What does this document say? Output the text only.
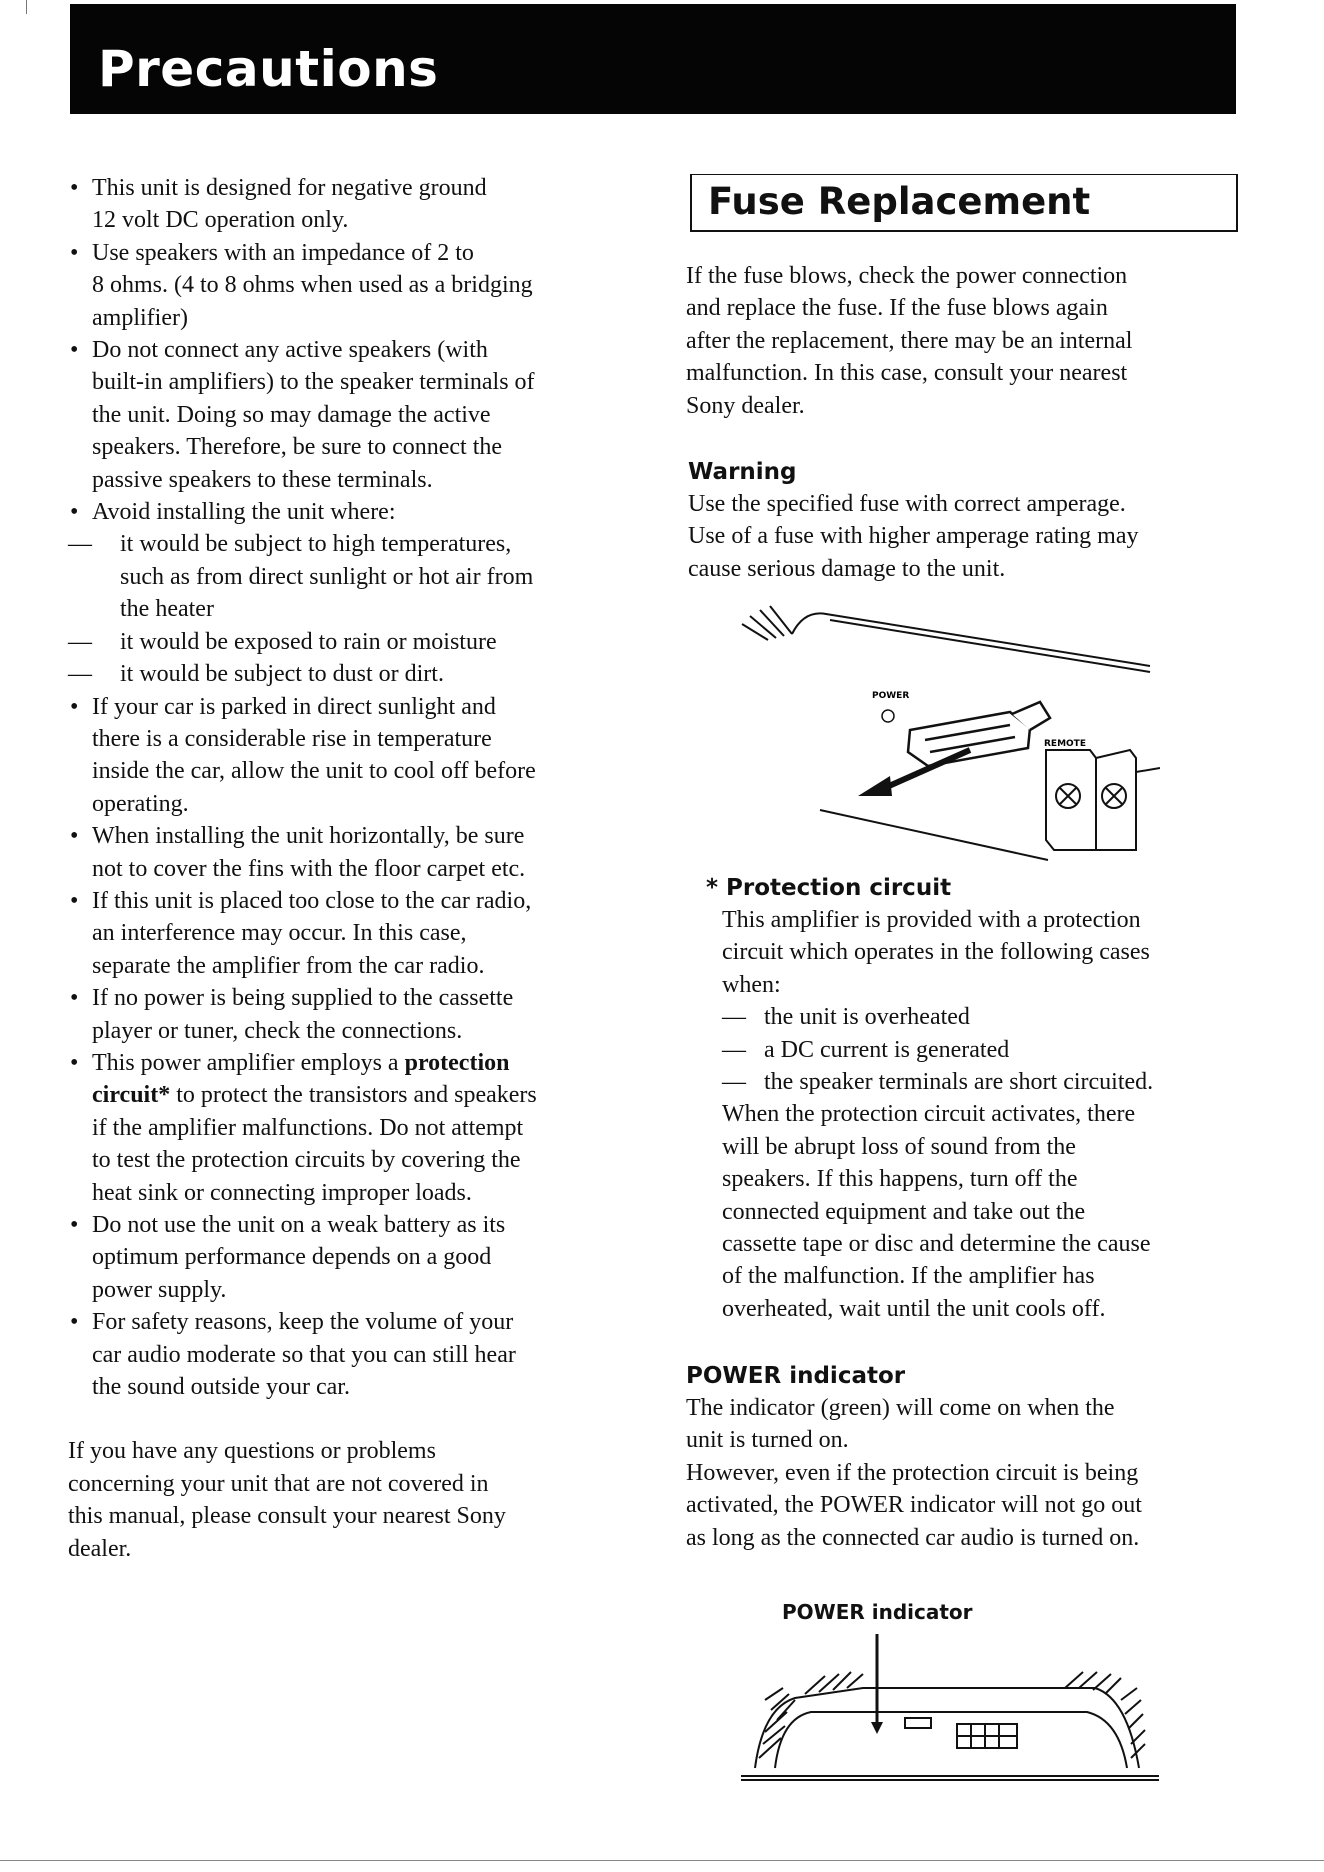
Precautions
• This unit is designed for negative ground
12 volt DC operation only.
• Use speakers with an impedance of 2 to
8 ohms. (4 to 8 ohms when used as a bridging
amplifier)
• Do not connect any active speakers (with
built-in amplifiers) to the speaker terminals of
the unit. Doing so may damage the active
speakers. Therefore, be sure to connect the
passive speakers to these terminals.
• Avoid installing the unit where:
— it would be subject to high temperatures,
such as from direct sunlight or hot air from
the heater
— it would be exposed to rain or moisture
— it would be subject to dust or dirt.
• If your car is parked in direct sunlight and
there is a considerable rise in temperature
inside the car, allow the unit to cool off before
operating.
• When installing the unit horizontally, be sure
not to cover the fins with the floor carpet etc.
• If this unit is placed too close to the car radio,
an interference may occur. In this case,
separate the amplifier from the car radio.
• If no power is being supplied to the cassette
player or tuner, check the connections.
• This power amplifier employs a protection
circuit* to protect the transistors and speakers
if the amplifier malfunctions. Do not attempt
to test the protection circuits by covering the
heat sink or connecting improper loads.
• Do not use the unit on a weak battery as its
optimum performance depends on a good
power supply.
• For safety reasons, keep the volume of your
car audio moderate so that you can still hear
the sound outside your car.
If you have any questions or problems
concerning your unit that are not covered in
this manual, please consult your nearest Sony
dealer.
Fuse Replacement
If the fuse blows, check the power connection
and replace the fuse. If the fuse blows again
after the replacement, there may be an internal
malfunction. In this case, consult your nearest
Sony dealer.
Warning
Use the specified fuse with correct amperage.
Use of a fuse with higher amperage rating may
cause serious damage to the unit.
* Protection circuit
This amplifier is provided with a protection
circuit which operates in the following cases
when:
— the unit is overheated
— a DC current is generated
— the speaker terminals are short circuited.
When the protection circuit activates, there
will be abrupt loss of sound from the
speakers. If this happens, turn off the
connected equipment and take out the
cassette tape or disc and determine the cause
of the malfunction. If the amplifier has
overheated, wait until the unit cools off.
POWER indicator
The indicator (green) will come on when the
unit is turned on.
However, even if the protection circuit is being
activated, the POWER indicator will not go out
as long as the connected car audio is turned on.
POWER
REMOTE
POWER indicator
